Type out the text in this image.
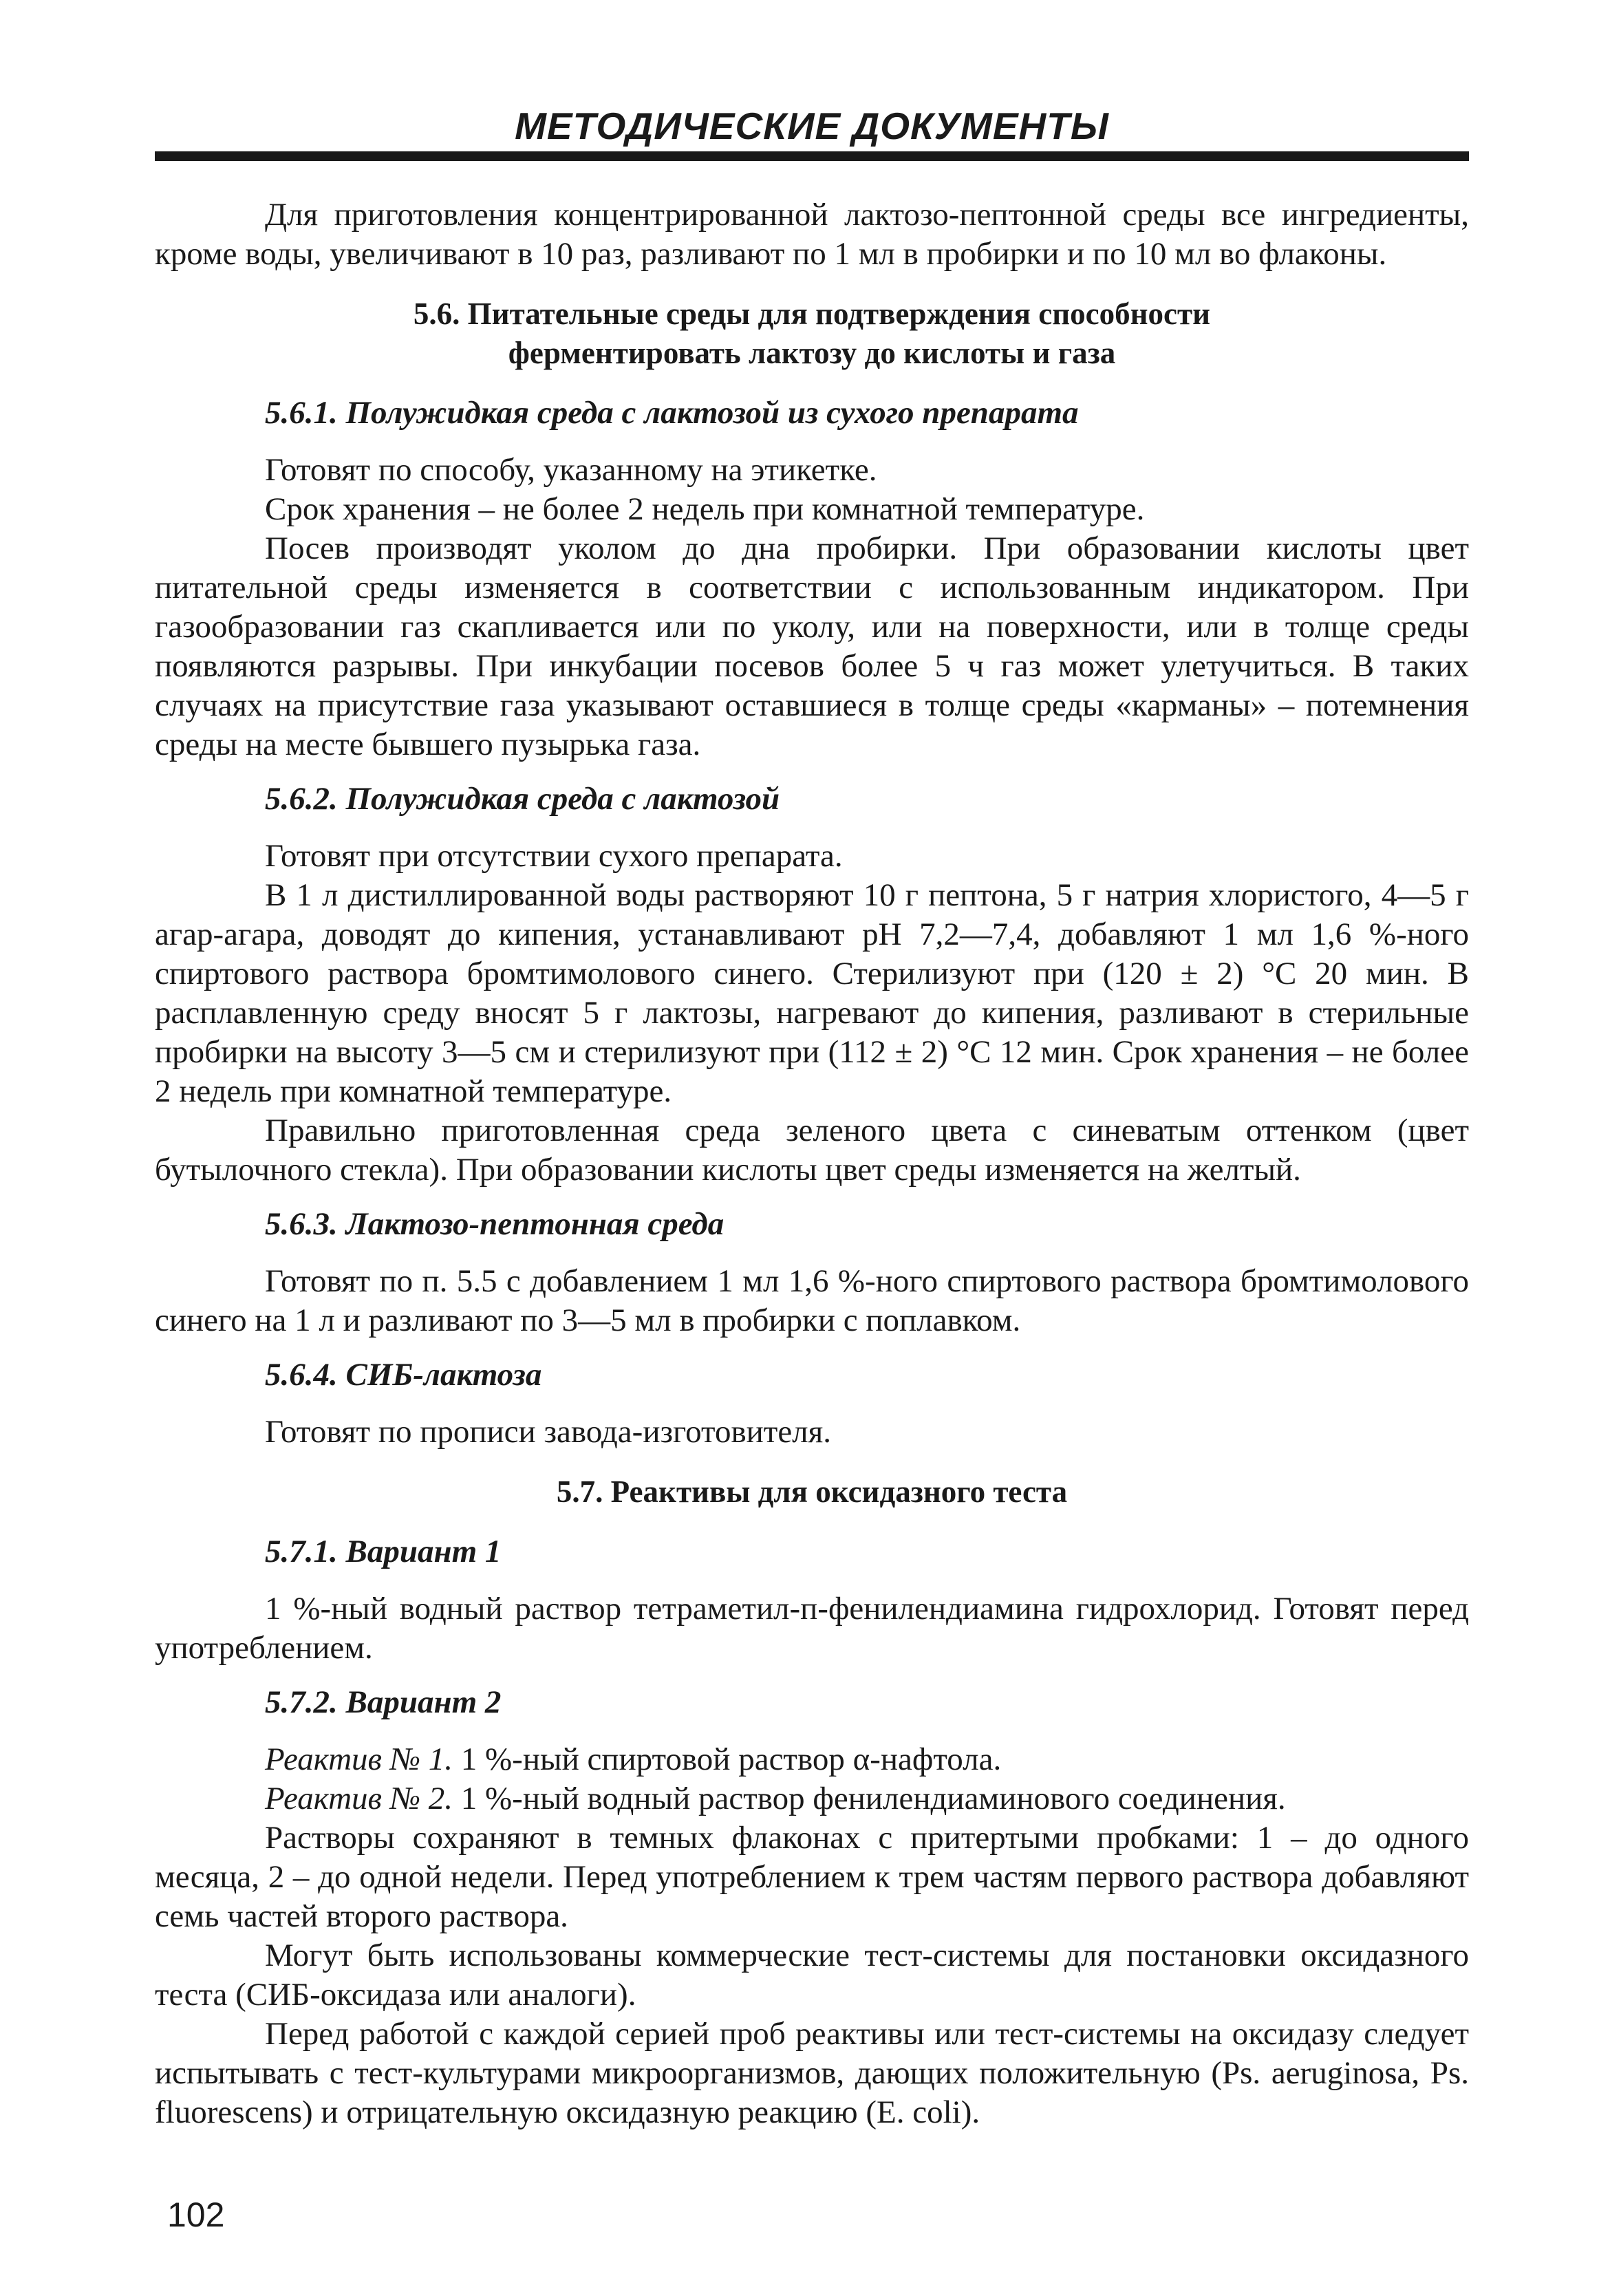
МЕТОДИЧЕСКИЕ ДОКУМЕНТЫ

Для приготовления концентрированной лактозо-пептонной среды все ингредиенты, кроме воды, увеличивают в 10 раз, разливают по 1 мл в пробирки и по 10 мл во флаконы.

5.6. Питательные среды для подтверждения способности
ферментировать лактозу до кислоты и газа
5.6.1. Полужидкая среда с лактозой из сухого препарата

Готовят по способу, указанному на этикетке.

Срок хранения – не более 2 недель при комнатной температуре.

Посев производят уколом до дна пробирки. При образовании кислоты цвет питательной среды изменяется в соответствии с использованным индикатором. При газообразовании газ скапливается или по уколу, или на поверхности, или в толще среды появляются разрывы. При инкубации посевов более 5 ч газ может улетучиться. В таких случаях на присутствие газа указывают оставшиеся в толще среды «карманы» – потемнения среды на месте бывшего пузырька газа.

5.6.2. Полужидкая среда с лактозой

Готовят при отсутствии сухого препарата.

В 1 л дистиллированной воды растворяют 10 г пептона, 5 г натрия хлористого, 4—5 г агар-агара, доводят до кипения, устанавливают pH 7,2—7,4, добавляют 1 мл 1,6 %-ного спиртового раствора бромтимолового синего. Стерилизуют при (120 ± 2) °С 20 мин. В расплавленную среду вносят 5 г лактозы, нагревают до кипения, разливают в стерильные пробирки на высоту 3—5 см и стерилизуют при (112 ± 2) °С 12 мин. Срок хранения – не более 2 недель при комнатной температуре.

Правильно приготовленная среда зеленого цвета с синеватым оттенком (цвет бутылочного стекла). При образовании кислоты цвет среды изменяется на желтый.

5.6.3. Лактозо-пептонная среда

Готовят по п. 5.5 с добавлением 1 мл 1,6 %-ного спиртового раствора бромтимолового синего на 1 л и разливают по 3—5 мл в пробирки с поплавком.

5.6.4. СИБ-лактоза

Готовят по прописи завода-изготовителя.

5.7. Реактивы для оксидазного теста
5.7.1. Вариант 1

1 %-ный водный раствор тетраметил-п-фенилендиамина гидрохлорид. Готовят перед употреблением.

5.7.2. Вариант 2

Реактив № 1. 1 %-ный спиртовой раствор α-нафтола.

Реактив № 2. 1 %-ный водный раствор фенилендиаминового соединения.

Растворы сохраняют в темных флаконах с притертыми пробками: 1 – до одного месяца, 2 – до одной недели. Перед употреблением к трем частям первого раствора добавляют семь частей второго раствора.

Могут быть использованы коммерческие тест-системы для постановки оксидазного теста (СИБ-оксидаза или аналоги).

Перед работой с каждой серией проб реактивы или тест-системы на оксидазу следует испытывать с тест-культурами микроорганизмов, дающих положительную (Ps. aeruginosa, Ps. fluorescens) и отрицательную оксидазную реакцию (E. coli).

102
